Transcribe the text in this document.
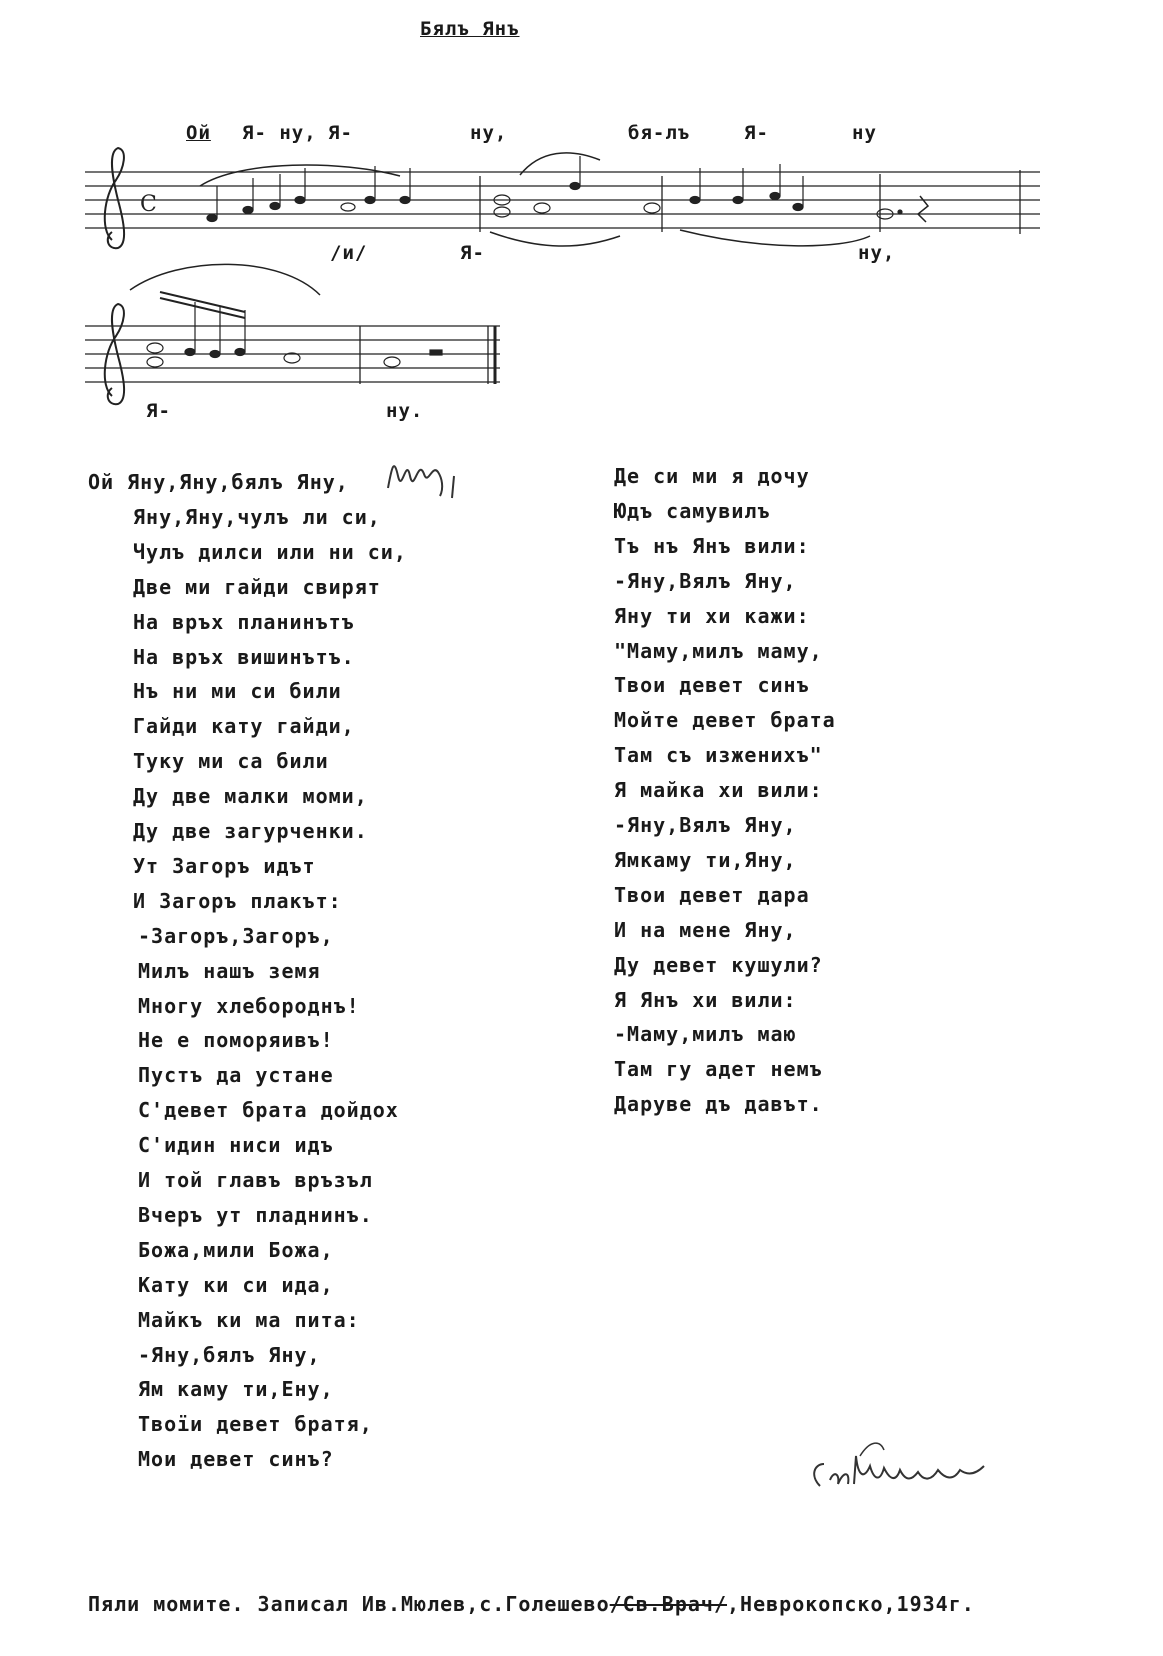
Бялъ Янъ
C
Ой Я- ну, Я-	ну,	бя-лъ	Я-	ну
/и/	Я-	ну,
Я-	ну.
Ой Яну,Яну,бялъ Яну,
Яну,Яну,чулъ ли си,
Чулъ дилси или ни си,
Две ми гайди свирят
На връх планинътъ
На връх вишинътъ.
Нъ ни ми си били
Гайди кату гайди,
Туку ми са били
Ду две малки моми,
Ду две загурченки.
Ут Загоръ идът
И Загоръ плакът:
-Загоръ,Загоръ,
Милъ нашъ земя
Многу хлебороднъ!
Не е поморяивъ!
Пустъ да устане
С'девет брата дойдох
С'идин ниси идъ
И той главъ връзъл
Вчеръ ут пладнинъ.
Божа,мили Божа,
Кату ки си ида,
Майкъ ки ма пита:
-Яну,бялъ Яну,
Ям каму ти,Ену,
Твоїи девет братя,
Мои девет синъ?
Де си ми я дочу
Юдъ самувилъ
Тъ нъ Янъ вили:
-Яну,Вялъ Яну,
Яну ти хи кажи:
"Маму,милъ маму,
Твои девет синъ
Мойте девет брата
Там съ изженихъ"
Я майка хи вили:
-Яну,Вялъ Яну,
Ямкаму ти,Яну,
Твои девет дара
И на мене Яну,
Ду девет кушули?
Я Янъ хи вили:
-Маму,милъ маю
Там гу адет немъ
Даруве дъ давът.
Пяли момите. Записал Ив.Мюлев,с.Голешево/Св.Врач/,Неврокопско,1934г.
